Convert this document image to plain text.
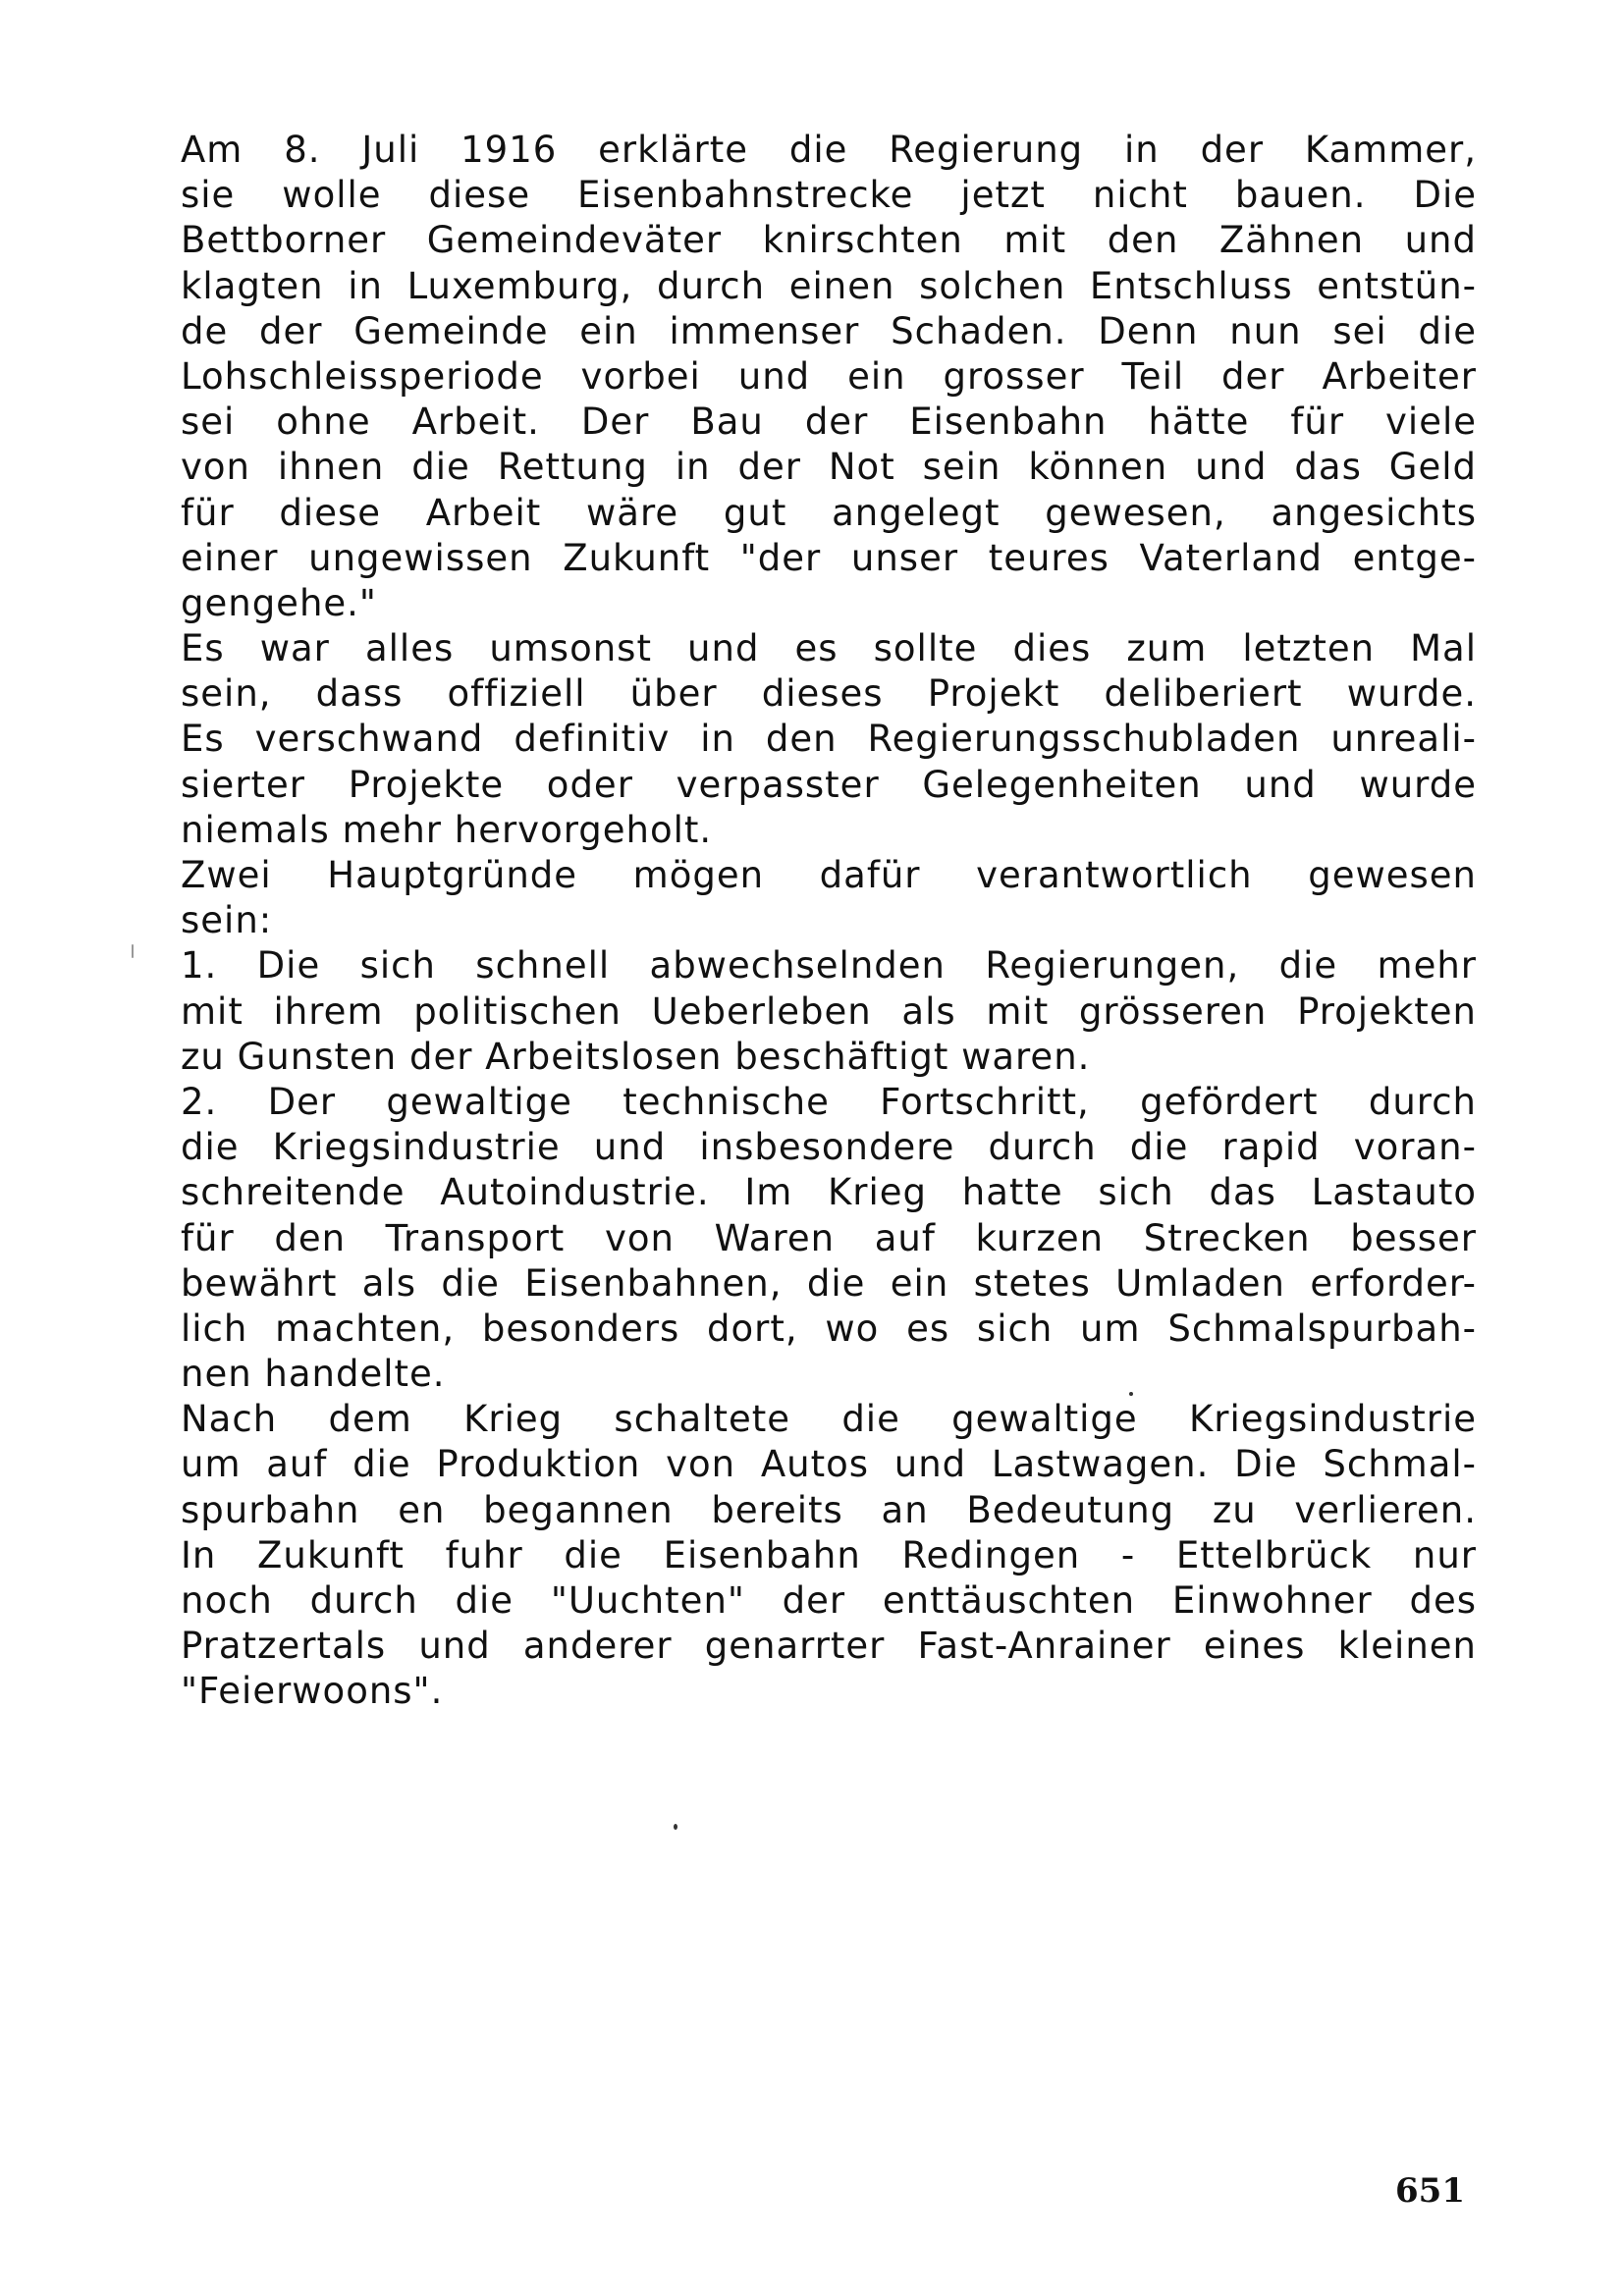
Am 8. Juli 1916 erklärte die Regierung in der Kammer,
sie wolle diese Eisenbahnstrecke jetzt nicht bauen. Die
Bettborner Gemeindeväter knirschten mit den Zähnen und
klagten in Luxemburg, durch einen solchen Entschluss entstün-
de der Gemeinde ein immenser Schaden. Denn nun sei die
Lohschleissperiode vorbei und ein grosser Teil der Arbeiter
sei ohne Arbeit. Der Bau der Eisenbahn hätte für viele
von ihnen die Rettung in der Not sein können und das Geld
für diese Arbeit wäre gut angelegt gewesen, angesichts
einer ungewissen Zukunft "der unser teures Vaterland entge-
gengehe."
Es war alles umsonst und es sollte dies zum letzten Mal
sein, dass offiziell über dieses Projekt deliberiert wurde.
Es verschwand definitiv in den Regierungsschubladen unreali-
sierter Projekte oder verpasster Gelegenheiten und wurde
niemals mehr hervorgeholt.
Zwei Hauptgründe mögen dafür verantwortlich gewesen
sein:
1. Die sich schnell abwechselnden Regierungen, die mehr
mit ihrem politischen Ueberleben als mit grösseren Projekten
zu Gunsten der Arbeitslosen beschäftigt waren.
2. Der gewaltige technische Fortschritt, gefördert durch
die Kriegsindustrie und insbesondere durch die rapid voran-
schreitende Autoindustrie. Im Krieg hatte sich das Lastauto
für den Transport von Waren auf kurzen Strecken besser
bewährt als die Eisenbahnen, die ein stetes Umladen erforder-
lich machten, besonders dort, wo es sich um Schmalspurbah-
nen handelte.
Nach dem Krieg schaltete die gewaltige Kriegsindustrie
um auf die Produktion von Autos und Lastwagen. Die Schmal-
spurbahn en begannen bereits an Bedeutung zu verlieren.
In Zukunft fuhr die Eisenbahn Redingen - Ettelbrück nur
noch durch die "Uuchten" der enttäuschten Einwohner des
Pratzertals und anderer genarrter Fast-Anrainer eines kleinen
"Feierwoons".
651
